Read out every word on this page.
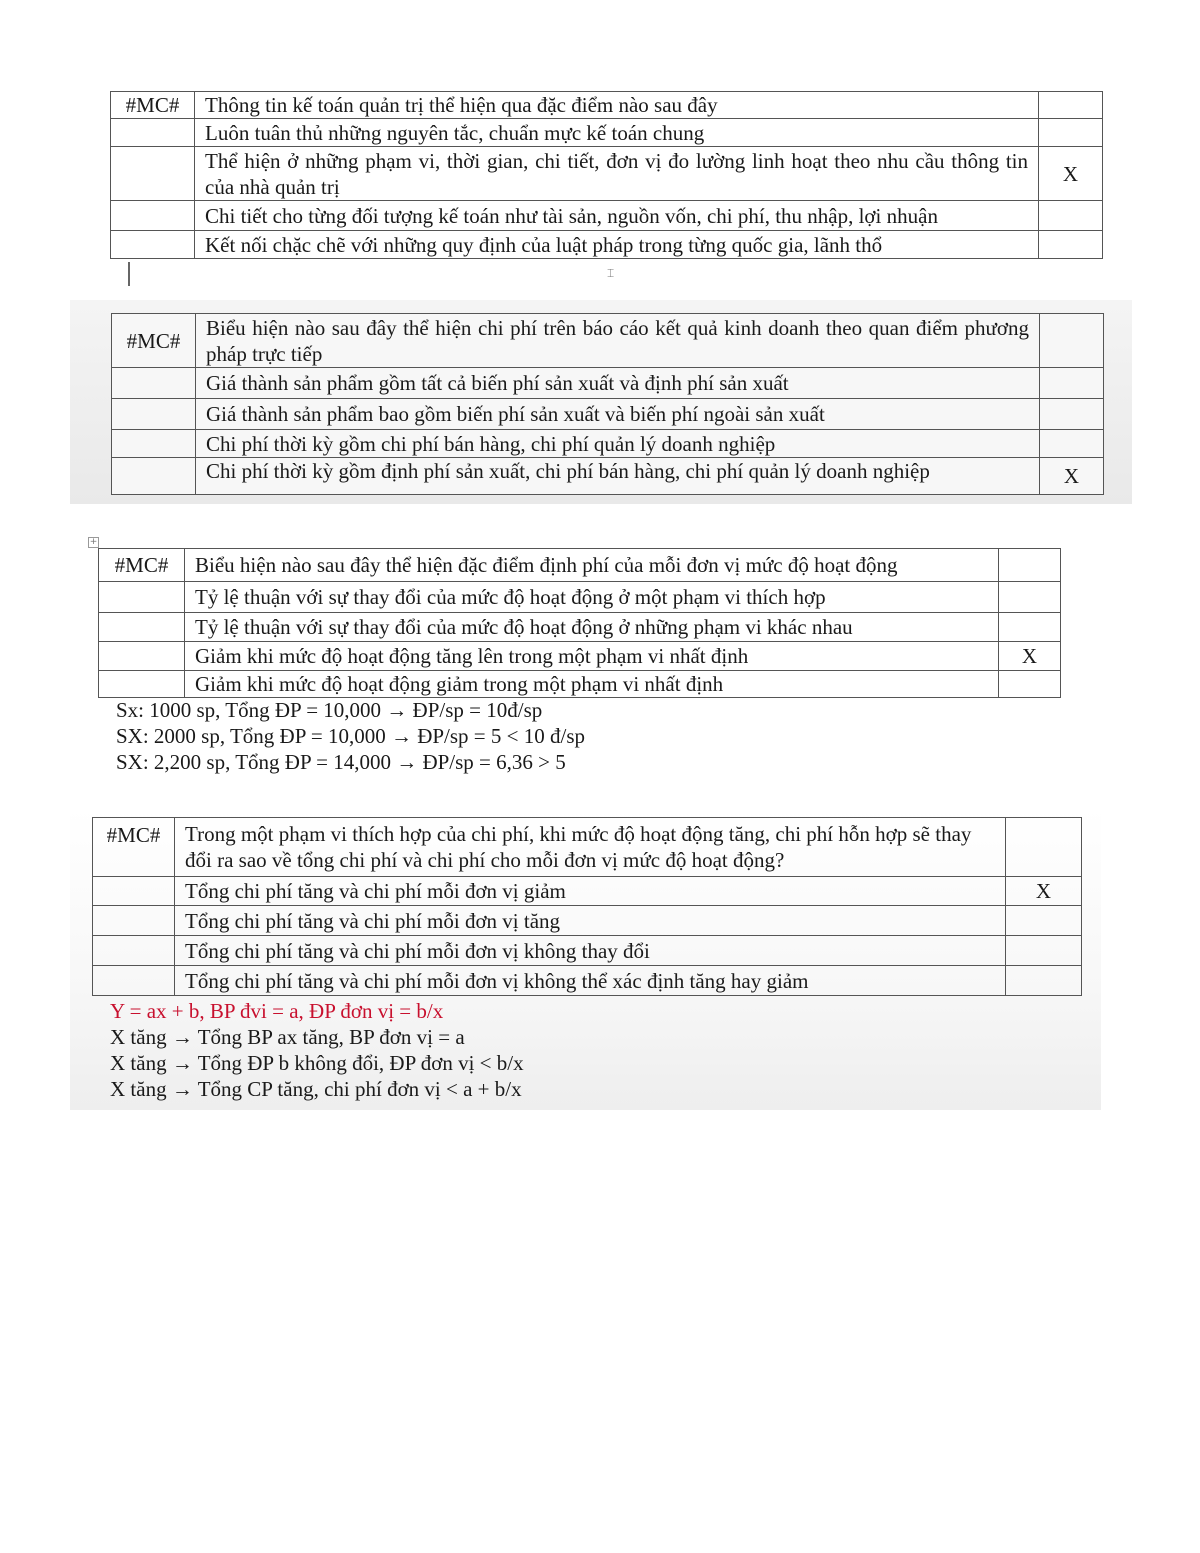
#MC#	Thông tin kế toán quản trị thể hiện qua đặc điểm nào sau đây	
	Luôn tuân thủ những nguyên tắc, chuẩn mực kế toán chung	
	Thể hiện ở những phạm vi, thời gian, chi tiết, đơn vị đo lường linh hoạt theo nhu cầu thông tin của nhà quản trị	X
	Chi tiết cho từng đối tượng kế toán như tài sản, nguồn vốn, chi phí, thu nhập, lợi nhuận	
	Kết nối chặc chẽ với những quy định của luật pháp trong từng quốc gia, lãnh thổ	
⌶
#MC#	Biểu hiện nào sau đây thể hiện chi phí trên báo cáo kết quả kinh doanh theo quan điểm phương pháp trực tiếp	
	Giá thành sản phẩm gồm tất cả biến phí sản xuất và định phí sản xuất	
	Giá thành sản phẩm bao gồm biến phí sản xuất và biến phí ngoài sản xuất	
	Chi phí thời kỳ gồm chi phí bán hàng, chi phí quản lý doanh nghiệp	
	Chi phí thời kỳ gồm định phí sản xuất, chi phí bán hàng, chi phí quản lý doanh nghiệp	X
+
#MC#	Biểu hiện nào sau đây thể hiện đặc điểm định phí của mỗi đơn vị mức độ hoạt động	
	Tỷ lệ thuận với sự thay đổi của mức độ hoạt động ở một phạm vi thích hợp	
	Tỷ lệ thuận với sự thay đổi của mức độ hoạt động ở những phạm vi khác nhau	
	Giảm khi mức độ hoạt động tăng lên trong một phạm vi nhất định	X
	Giảm khi mức độ hoạt động giảm trong một phạm vi nhất định	
Sx: 1000 sp, Tổng ĐP = 10,000 → ĐP/sp = 10đ/sp
SX: 2000 sp, Tổng ĐP = 10,000 → ĐP/sp = 5 < 10 đ/sp
SX: 2,200 sp, Tổng ĐP = 14,000 → ĐP/sp = 6,36 > 5
#MC#	Trong một phạm vi thích hợp của chi phí, khi mức độ hoạt động tăng, chi phí hỗn hợp sẽ thay đổi ra sao về tổng chi phí và chi phí cho mỗi đơn vị mức độ hoạt động?	
	Tổng chi phí tăng và chi phí mỗi đơn vị giảm	X
	Tổng chi phí tăng và chi phí mỗi đơn vị tăng	
	Tổng chi phí tăng và chi phí mỗi đơn vị không thay đổi	
	Tổng chi phí tăng và chi phí mỗi đơn vị không thể xác định tăng hay giảm	
Y = ax + b, BP đvi = a, ĐP đơn vị = b/x
X tăng → Tổng BP ax tăng, BP đơn vị = a
X tăng → Tổng ĐP b không đổi, ĐP đơn vị < b/x
X tăng → Tổng CP tăng, chi phí đơn vị < a + b/x
